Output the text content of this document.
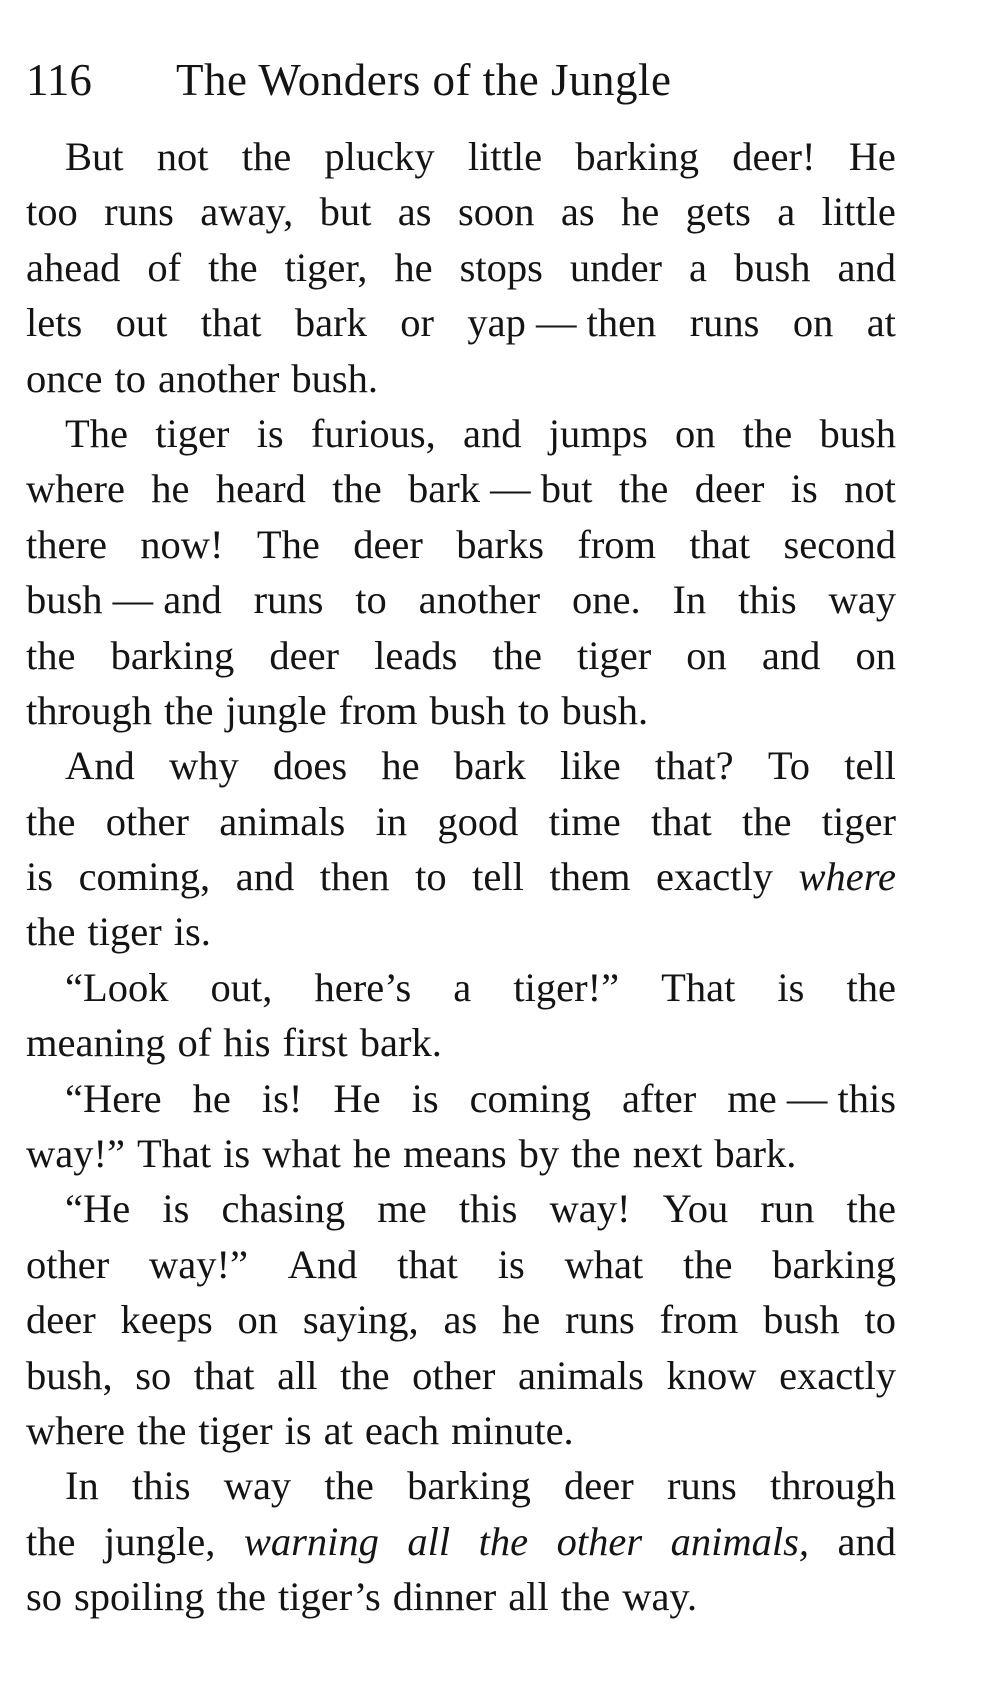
116 The Wonders of the Jungle
But not the plucky little barking deer! He
too runs away, but as soon as he gets a little
ahead of the tiger, he stops under a bush and
lets out that bark or yap — then runs on at
once to another bush.
The tiger is furious, and jumps on the bush
where he heard the bark — but the deer is not
there now! The deer barks from that second
bush — and runs to another one. In this way
the barking deer leads the tiger on and on
through the jungle from bush to bush.
And why does he bark like that? To tell
the other animals in good time that the tiger
is coming, and then to tell them exactly where
the tiger is.
“Look out, here’s a tiger!” That is the
meaning of his first bark.
“Here he is! He is coming after me — this
way!” That is what he means by the next bark.
“He is chasing me this way! You run the
other way!” And that is what the barking
deer keeps on saying, as he runs from bush to
bush, so that all the other animals know exactly
where the tiger is at each minute.
In this way the barking deer runs through
the jungle, warning all the other animals, and
so spoiling the tiger’s dinner all the way.
